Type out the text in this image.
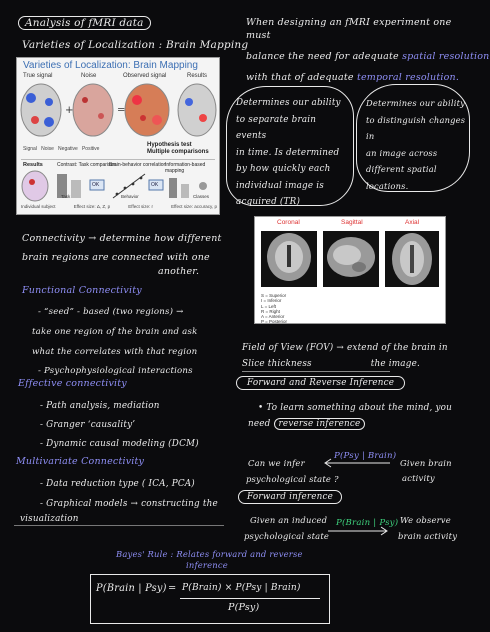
Analysis of fMRI data
Varieties of Localization : Brain Mapping
Varieties of Localization: Brain Mapping
True signal	Noise	Observed signal	Results
+	=
Hypothesis test
Multiple comparisons
Signal Noise Negative Positive
Results	Contrast: Task comparison
Brain-behavior correlation
Information-based mapping
OK	OK
Task	Behavior	Classes
Individual subject	Effect size: Δ, Z, p	Effect size: r	Effect size: accuracy, p
When designing an fMRI experiment one must
balance the need for adequate spatial resolution
with that of adequate temporal resolution.
Determines our ability
to separate brain events
in time. Is determined
by how quickly each
individual image is
acquired (TR)
Determines our ability
to distinguish changes in
an image across
different spatial
locations.
Connectivity → determine how different
brain regions are connected with one
another.
Functional Connectivity
- “seed” - based (two regions) →
take one region of the brain and ask
what the correlates with that region
- Psychophysiological interactions
Effective connectivity
- Path analysis, mediation
- Granger ‘causality’
- Dynamic causal modeling (DCM)
Multivariate Connectivity
- Data reduction type ( ICA, PCA)
- Graphical models → constructing the
visualization
Coronal	Sagittal	Axial
S = Superior
I = Inferior
L = Left
R = Right
A = Anterior
P = Posterior
Field of View (FOV) → extend of the brain in
Slice thickness	the image.
Forward and Reverse Inference
• To learn something about the mind, you
need reverse inference
Can we infer
psychological state ?
P(Psy | Brain)
Given brain
activity
Forward inference
Given an induced
psychological state
P(Brain | Psy) We observe
brain activity
Bayes' Rule : Relates forward and reverse
inference
P(Brain | Psy) = P(Brain) × P(Psy | Brain)
P(Psy)
